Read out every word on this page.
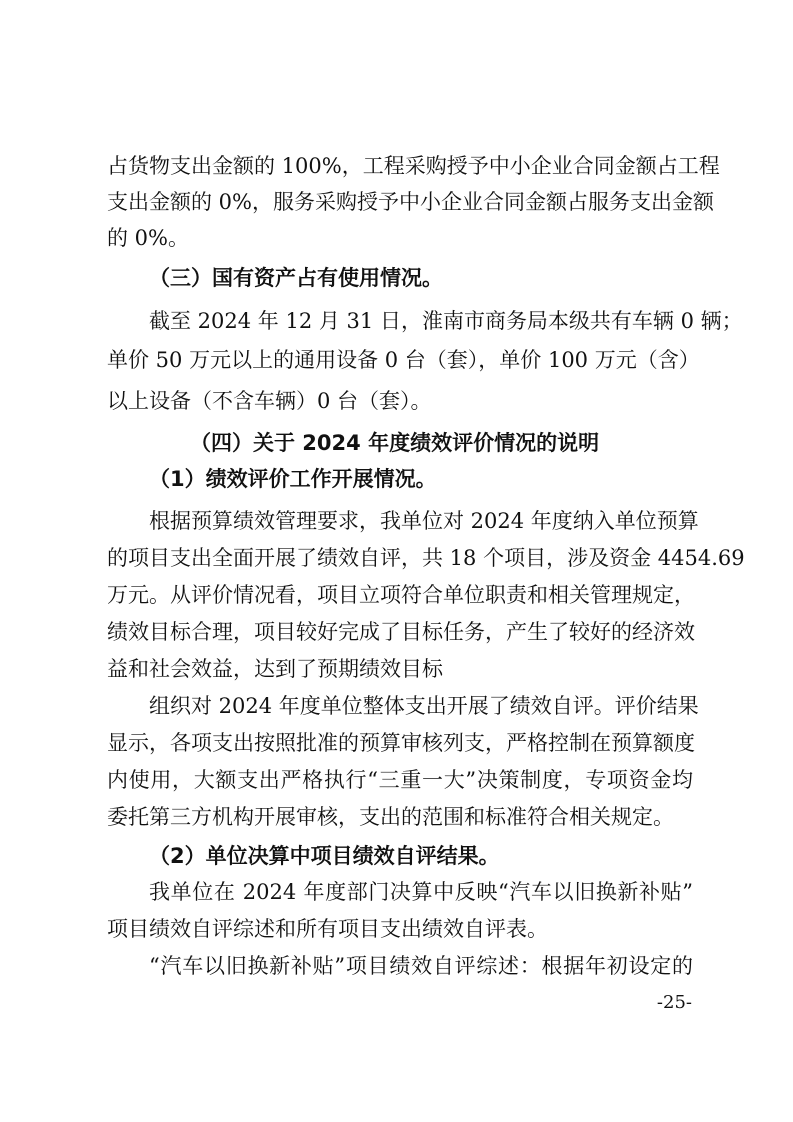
占货物支出金额的 100%，工程采购授予中小企业合同金额占工程
支出金额的 0%，服务采购授予中小企业合同金额占服务支出金额
的 0%。
（三）国有资产占有使用情况。
截至 2024 年 12 月 31 日，淮南市商务局本级共有车辆 0 辆；
单价 50 万元以上的通用设备 0 台（套），单价 100 万元（含）
以上设备（不含车辆）0 台（套）。
（四）关于 2024 年度绩效评价情况的说明
（1）绩效评价工作开展情况。
根据预算绩效管理要求，我单位对 2024 年度纳入单位预算
的项目支出全面开展了绩效自评，共 18 个项目，涉及资金 4454.69
万元。从评价情况看，项目立项符合单位职责和相关管理规定，
绩效目标合理，项目较好完成了目标任务，产生了较好的经济效
益和社会效益，达到了预期绩效目标
组织对 2024 年度单位整体支出开展了绩效自评。评价结果
显示，各项支出按照批准的预算审核列支，严格控制在预算额度
内使用，大额支出严格执行“三重一大”决策制度，专项资金均
委托第三方机构开展审核，支出的范围和标准符合相关规定。
（2）单位决算中项目绩效自评结果。
我单位在 2024 年度部门决算中反映“汽车以旧换新补贴”
项目绩效自评综述和所有项目支出绩效自评表。
“汽车以旧换新补贴”项目绩效自评综述：根据年初设定的
-25-
